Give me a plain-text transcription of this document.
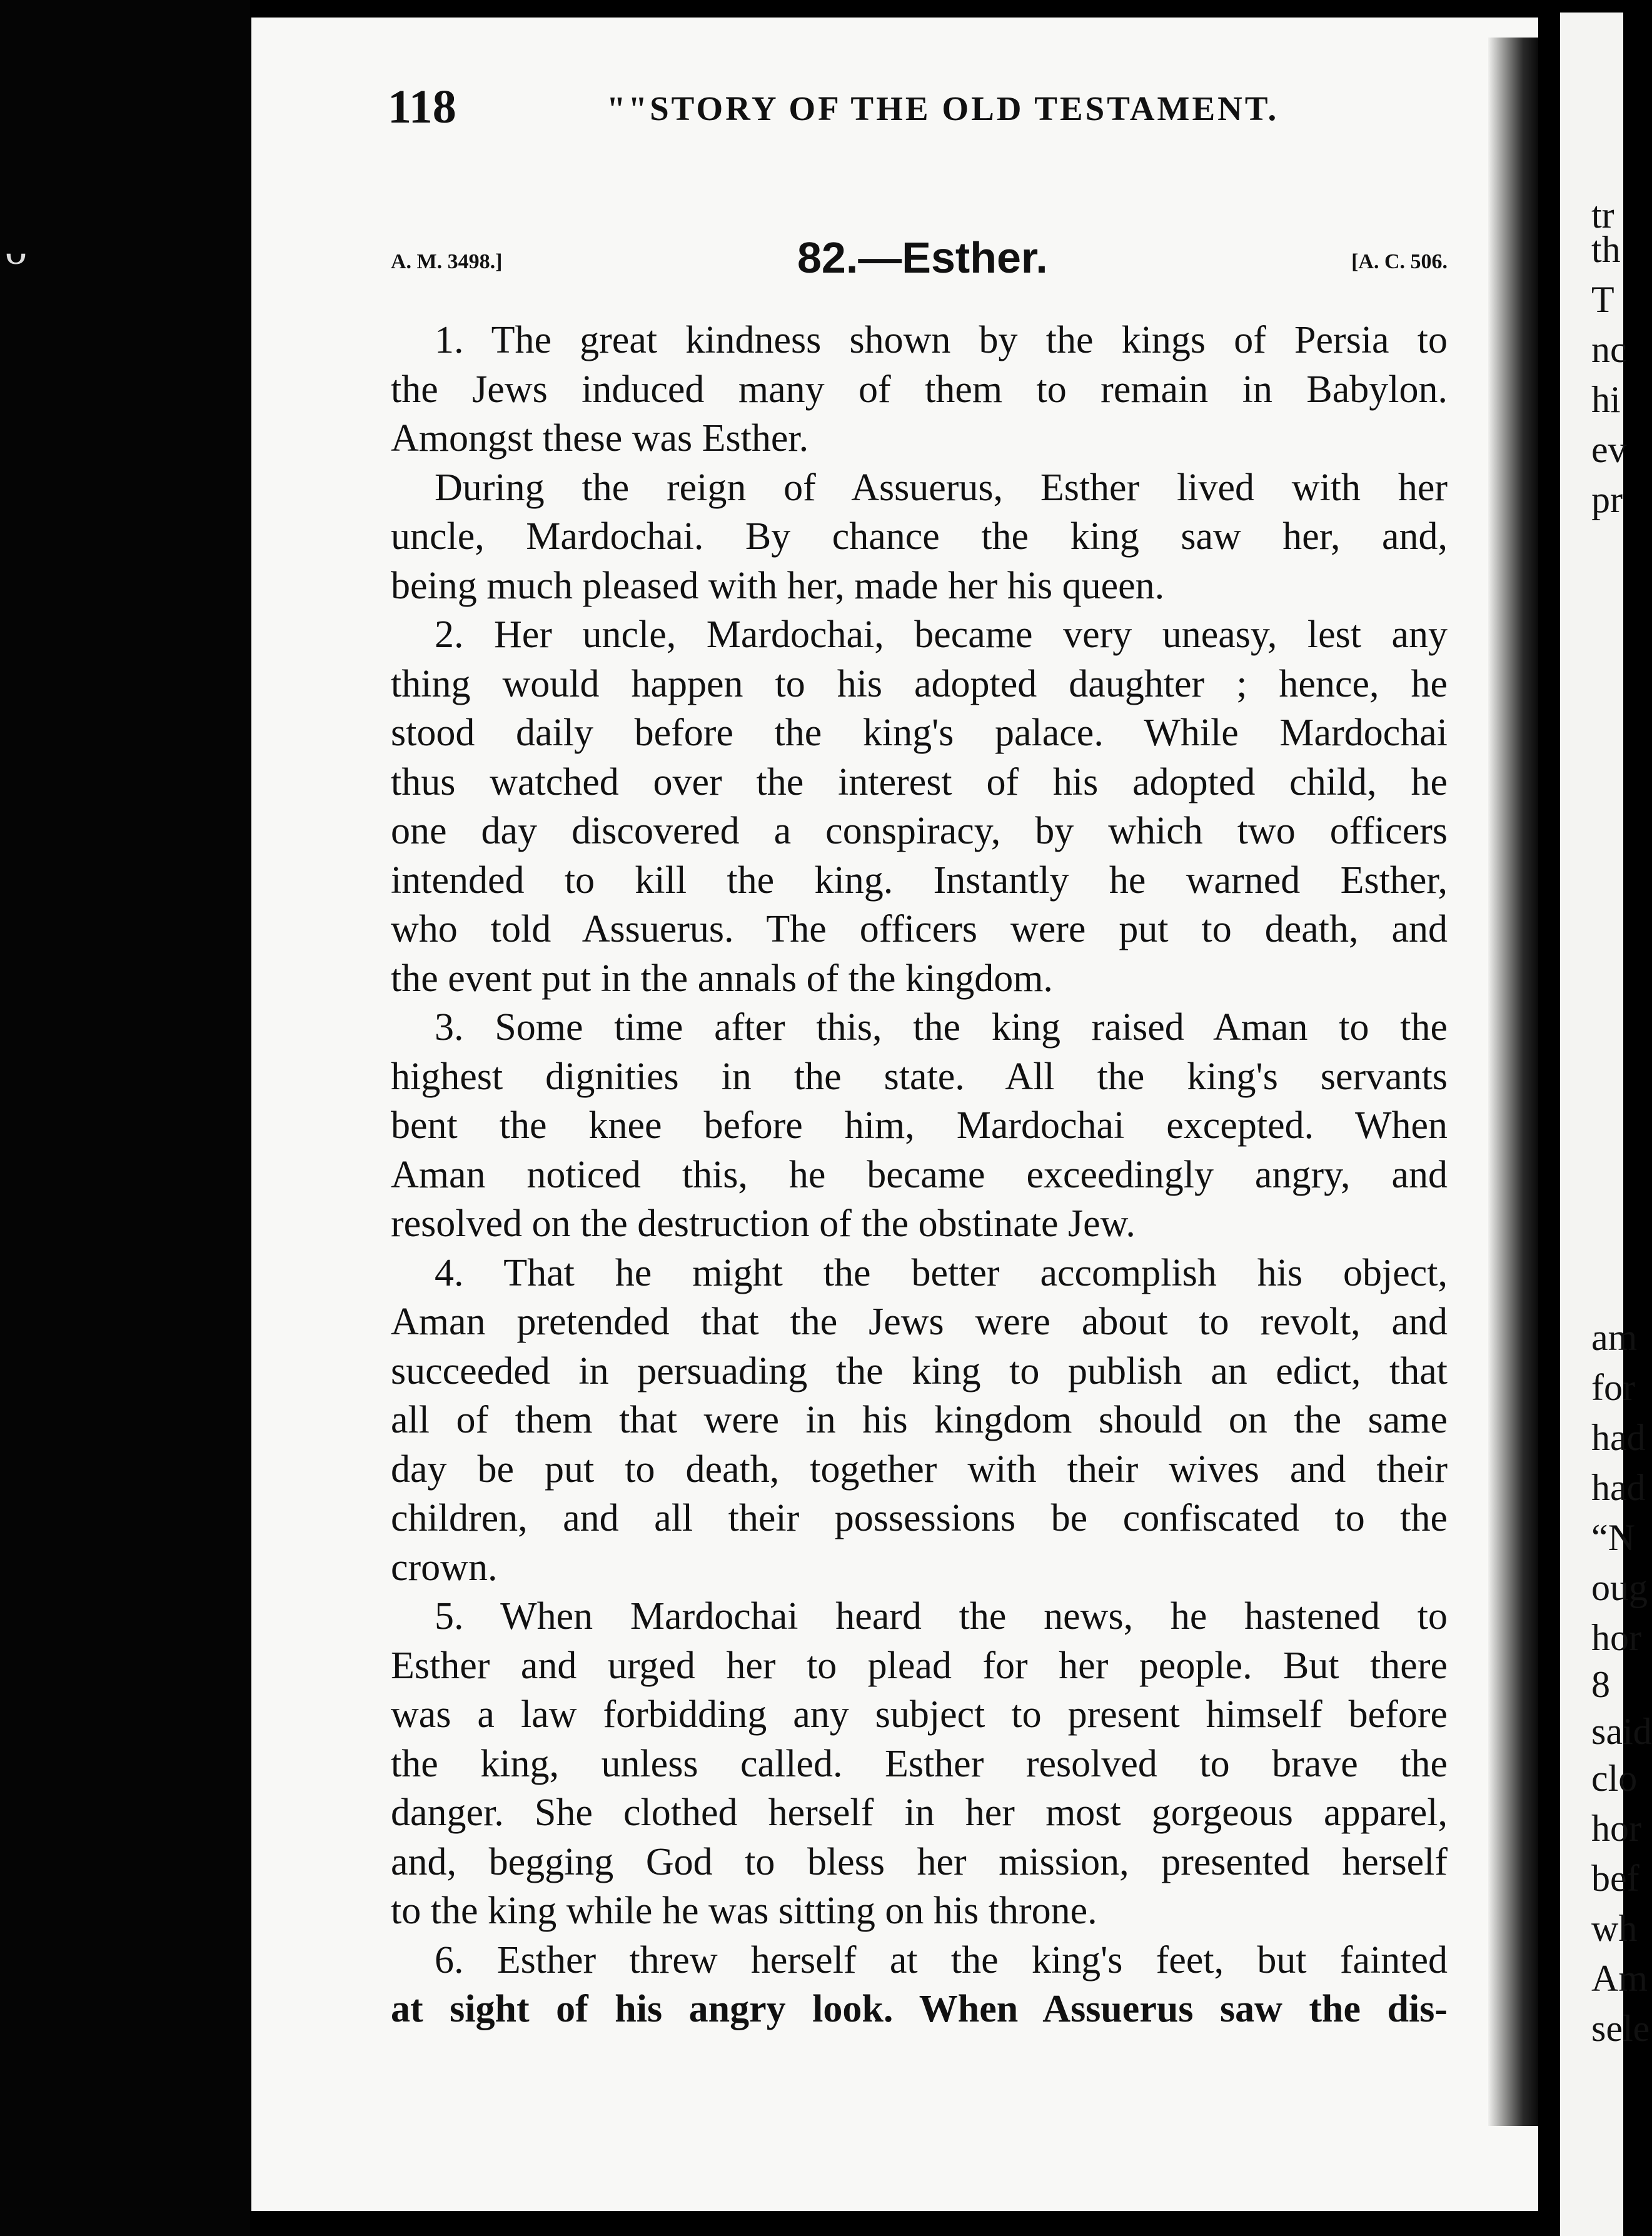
ᴗ
tr
th
T
nc
hi
ev
pr
am
for
had
had
“N
oug
hor
8
said
clo
hor
bef
wh
Am
sele
118	""STORY OF THE OLD TESTAMENT.
A. M. 3498.]	82.—Esther.	[A. C. 506.
1. The great kindness shown by the kings of Persia to
the Jews induced many of them to remain in Babylon.
Amongst these was Esther.
During the reign of Assuerus, Esther lived with her
uncle, Mardochai. By chance the king saw her, and,
being much pleased with her, made her his queen.
2. Her uncle, Mardochai, became very uneasy, lest any
thing would happen to his adopted daughter ; hence, he
stood daily before the king's palace. While Mardochai
thus watched over the interest of his adopted child, he
one day discovered a conspiracy, by which two officers
intended to kill the king. Instantly he warned Esther,
who told Assuerus. The officers were put to death, and
the event put in the annals of the kingdom.
3. Some time after this, the king raised Aman to the
highest dignities in the state. All the king's servants
bent the knee before him, Mardochai excepted. When
Aman noticed this, he became exceedingly angry, and
resolved on the destruction of the obstinate Jew.
4. That he might the better accomplish his object,
Aman pretended that the Jews were about to revolt, and
succeeded in persuading the king to publish an edict, that
all of them that were in his kingdom should on the same
day be put to death, together with their wives and their
children, and all their possessions be confiscated to the
crown.
5. When Mardochai heard the news, he hastened to
Esther and urged her to plead for her people. But there
was a law forbidding any subject to present himself before
the king, unless called. Esther resolved to brave the
danger. She clothed herself in her most gorgeous apparel,
and, begging God to bless her mission, presented herself
to the king while he was sitting on his throne.
6. Esther threw herself at the king's feet, but fainted
at sight of his angry look. When Assuerus saw the dis-
